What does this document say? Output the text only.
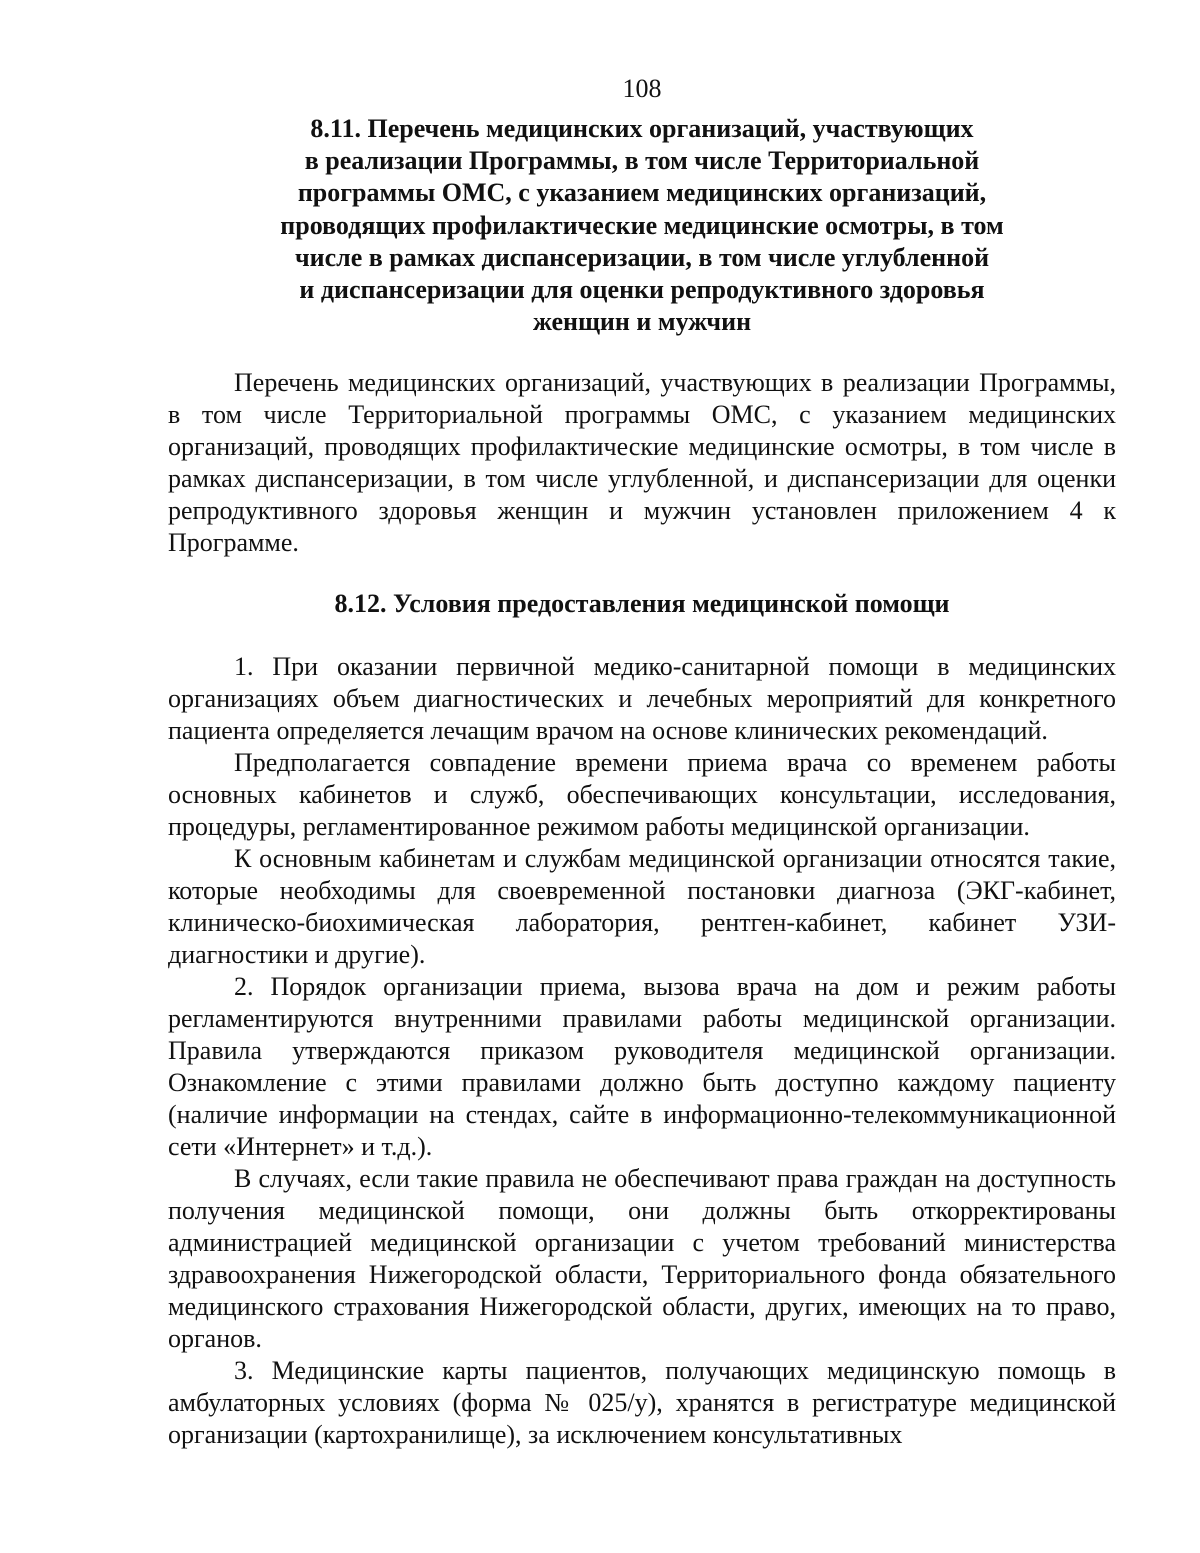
108
8.11. Перечень медицинских организаций, участвующих
в реализации Программы, в том числе Территориальной
программы ОМС, с указанием медицинских организаций,
проводящих профилактические медицинские осмотры, в том
числе в рамках диспансеризации, в том числе углубленной
и диспансеризации для оценки репродуктивного здоровья
женщин и мужчин

Перечень медицинских организаций, участвующих в реализации Программы, в том числе Территориальной программы ОМС, с указанием медицинских организаций, проводящих профилактические медицинские осмотры, в том числе в рамках диспансеризации, в том числе углубленной, и диспансеризации для оценки репродуктивного здоровья женщин и мужчин установлен приложением 4 к Программе.

8.12. Условия предоставления медицинской помощи

1. При оказании первичной медико-санитарной помощи в медицинских организациях объем диагностических и лечебных мероприятий для конкретного пациента определяется лечащим врачом на основе клинических рекомендаций.

Предполагается совпадение времени приема врача со временем работы основных кабинетов и служб, обеспечивающих консультации, исследования, процедуры, регламентированное режимом работы медицинской организации.

К основным кабинетам и службам медицинской организации относятся такие, которые необходимы для своевременной постановки диагноза (ЭКГ-кабинет, клиническо-биохимическая лаборатория, рентген-кабинет, кабинет УЗИ-диагностики и другие).

2. Порядок организации приема, вызова врача на дом и режим работы регламентируются внутренними правилами работы медицинской организации. Правила утверждаются приказом руководителя медицинской организации. Ознакомление с этими правилами должно быть доступно каждому пациенту (наличие информации на стендах, сайте в информационно-телекоммуникационной сети «Интернет» и т.д.).

В случаях, если такие правила не обеспечивают права граждан на доступность получения медицинской помощи, они должны быть откорректированы администрацией медицинской организации с учетом требований министерства здравоохранения Нижегородской области, Территориального фонда обязательного медицинского страхования Нижегородской области, других, имеющих на то право, органов.

3. Медицинские карты пациентов, получающих медицинскую помощь в амбулаторных условиях (форма № 025/у), хранятся в регистратуре медицинской организации (картохранилище), за исключением консультативных
